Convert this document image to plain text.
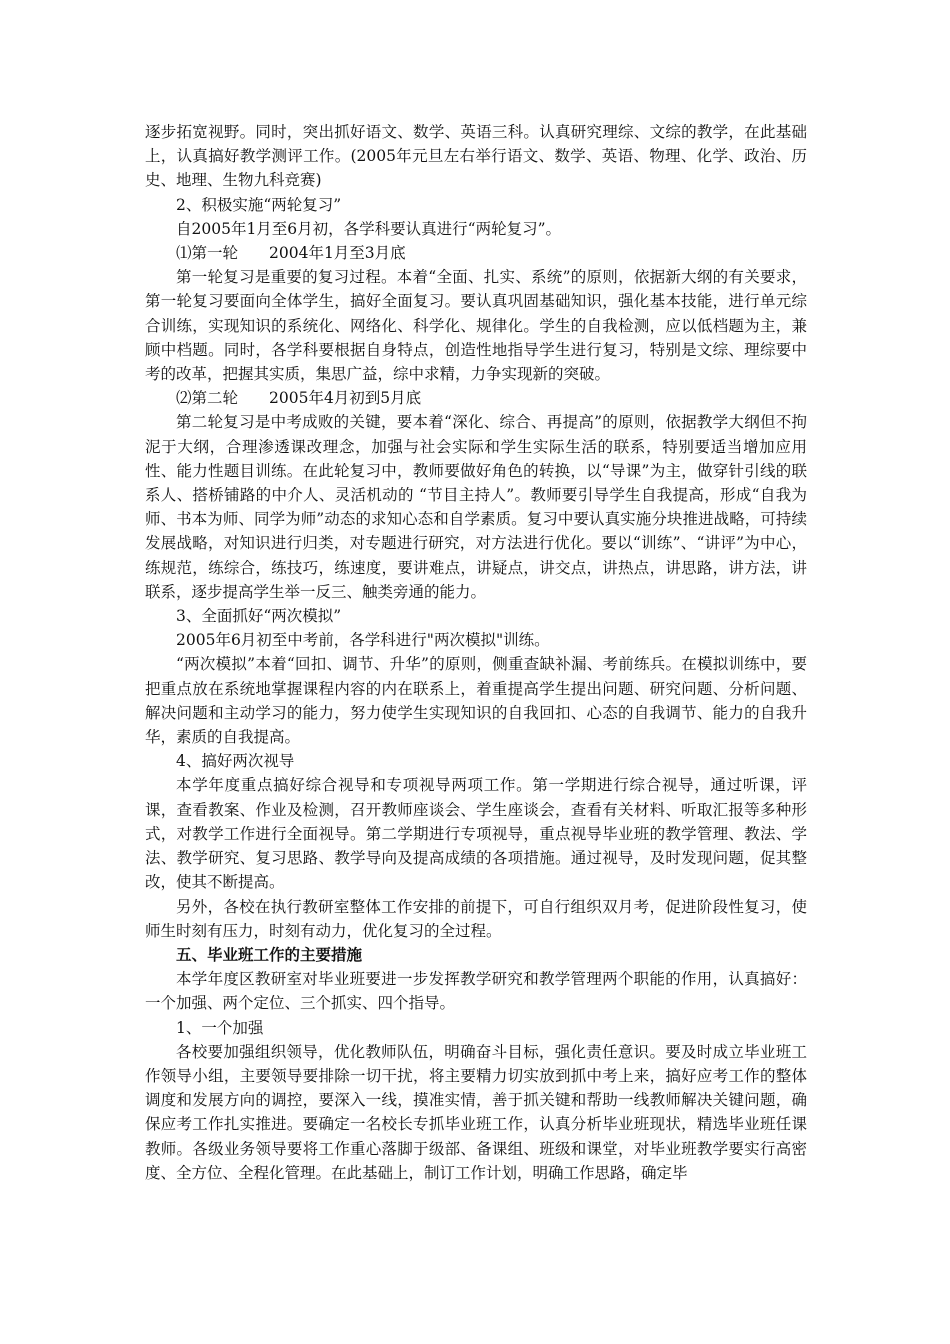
逐步拓宽视野。同时，突出抓好语文、数学、英语三科。认真研究理综、文综的教学，在此基础上，认真搞好教学测评工作。(2005年元旦左右举行语文、数学、英语、物理、化学、政治、历史、地理、生物九科竞赛)

2、积极实施“两轮复习”

自2005年1月至6月初，各学科要认真进行“两轮复习”。

⑴第一轮　　2004年1月至3月底

第一轮复习是重要的复习过程。本着“全面、扎实、系统”的原则，依据新大纲的有关要求，第一轮复习要面向全体学生，搞好全面复习。要认真巩固基础知识，强化基本技能，进行单元综合训练，实现知识的系统化、网络化、科学化、规律化。学生的自我检测，应以低档题为主，兼顾中档题。同时，各学科要根据自身特点，创造性地指导学生进行复习，特别是文综、理综要中考的改革，把握其实质，集思广益，综中求精，力争实现新的突破。

⑵第二轮　　2005年4月初到5月底

第二轮复习是中考成败的关键，要本着“深化、综合、再提高”的原则，依据教学大纲但不拘泥于大纲，合理渗透课改理念，加强与社会实际和学生实际生活的联系，特别要适当增加应用性、能力性题目训练。在此轮复习中，教师要做好角色的转换，以“导课”为主，做穿针引线的联系人、搭桥铺路的中介人、灵活机动的 “节目主持人”。教师要引导学生自我提高，形成“自我为师、书本为师、同学为师”动态的求知心态和自学素质。复习中要认真实施分块推进战略，可持续发展战略，对知识进行归类，对专题进行研究，对方法进行优化。要以“训练”、“讲评”为中心，练规范，练综合，练技巧，练速度，要讲难点，讲疑点，讲交点，讲热点，讲思路，讲方法，讲联系，逐步提高学生举一反三、触类旁通的能力。

3、全面抓好“两次模拟”

2005年6月初至中考前，各学科进行"两次模拟"训练。

“两次模拟”本着“回扣、调节、升华”的原则，侧重查缺补漏、考前练兵。在模拟训练中，要把重点放在系统地掌握课程内容的内在联系上，着重提高学生提出问题、研究问题、分析问题、解决问题和主动学习的能力，努力使学生实现知识的自我回扣、心态的自我调节、能力的自我升华，素质的自我提高。

4、搞好两次视导

本学年度重点搞好综合视导和专项视导两项工作。第一学期进行综合视导，通过听课，评课，查看教案、作业及检测，召开教师座谈会、学生座谈会，查看有关材料、听取汇报等多种形式，对教学工作进行全面视导。第二学期进行专项视导，重点视导毕业班的教学管理、教法、学法、教学研究、复习思路、教学导向及提高成绩的各项措施。通过视导，及时发现问题，促其整改，使其不断提高。

另外，各校在执行教研室整体工作安排的前提下，可自行组织双月考，促进阶段性复习，使师生时刻有压力，时刻有动力，优化复习的全过程。

五、毕业班工作的主要措施

本学年度区教研室对毕业班要进一步发挥教学研究和教学管理两个职能的作用，认真搞好：一个加强、两个定位、三个抓实、四个指导。

1、一个加强

各校要加强组织领导，优化教师队伍，明确奋斗目标，强化责任意识。要及时成立毕业班工作领导小组，主要领导要排除一切干扰，将主要精力切实放到抓中考上来，搞好应考工作的整体调度和发展方向的调控，要深入一线，摸准实情，善于抓关键和帮助一线教师解决关键问题，确保应考工作扎实推进。要确定一名校长专抓毕业班工作，认真分析毕业班现状，精选毕业班任课教师。各级业务领导要将工作重心落脚于级部、备课组、班级和课堂，对毕业班教学要实行高密度、全方位、全程化管理。在此基础上，制订工作计划，明确工作思路，确定毕
